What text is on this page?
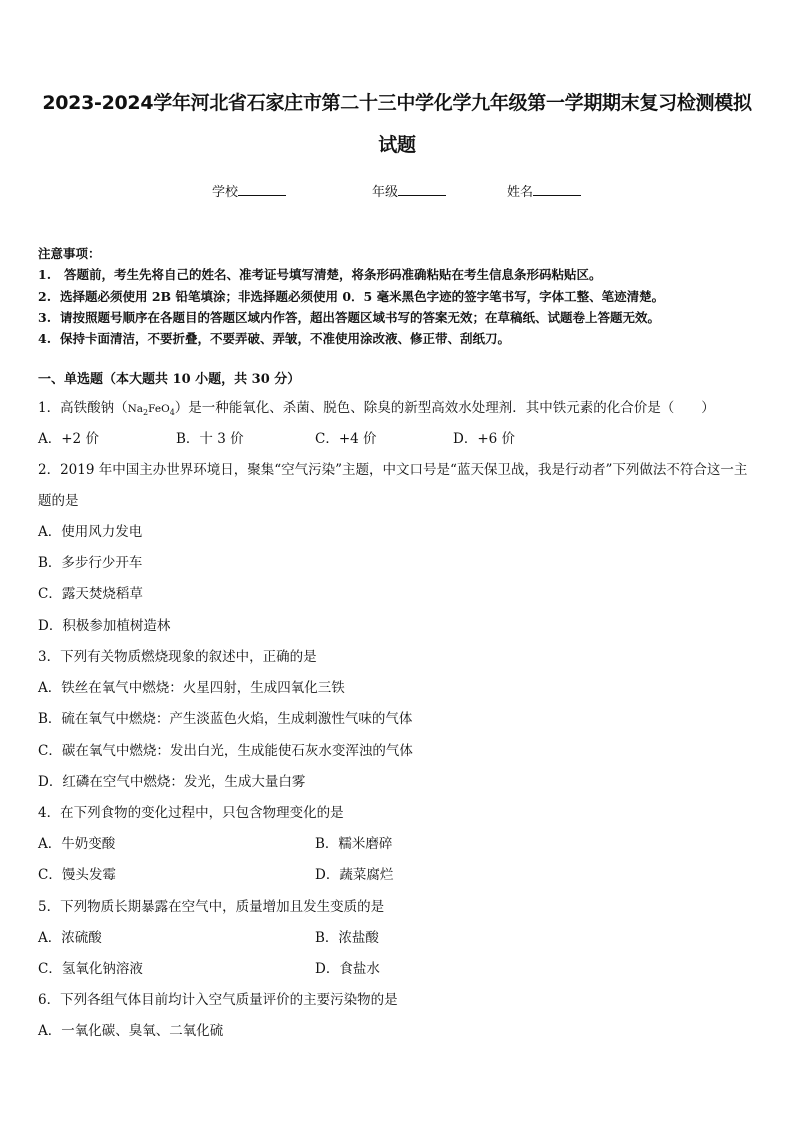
2023-2024学年河北省石家庄市第二十三中学化学九年级第一学期期末复习检测模拟
试题
学校	年级	姓名
注意事项：
1. 答题前，考生先将自己的姓名、准考证号填写清楚，将条形码准确粘贴在考生信息条形码粘贴区。
2. 选择题必须使用 2B 铅笔填涂；非选择题必须使用 0．5 毫米黑色字迹的签字笔书写，字体工整、笔迹清楚。
3. 请按照题号顺序在各题目的答题区域内作答，超出答题区域书写的答案无效；在草稿纸、试题卷上答题无效。
4. 保持卡面清洁，不要折叠，不要弄破、弄皱，不准使用涂改液、修正带、刮纸刀。
一、单选题（本大题共 10 小题，共 30 分）
1．高铁酸钠$(Na_2FeO_4)$是一种能氧化、杀菌、脱色、除臭的新型高效水处理剂．其中铁元素的化合价是（　　）
A．+2 价	B．十 3 价	C．+4 价	D．+6 价
2．2019 年中国主办世界环境日，聚集“空气污染”主题，中文口号是“蓝天保卫战，我是行动者”下列做法不符合这一主
题的是
A．使用风力发电
B．多步行少开车
C．露天焚烧稻草
D．积极参加植树造林
3．下列有关物质燃烧现象的叙述中，正确的是
A．铁丝在氧气中燃烧：火星四射，生成四氧化三铁
B．硫在氧气中燃烧：产生淡蓝色火焰，生成刺激性气味的气体
C．碳在氧气中燃烧：发出白光，生成能使石灰水变浑浊的气体
D．红磷在空气中燃烧：发光，生成大量白雾
4．在下列食物的变化过程中，只包含物理变化的是
A．牛奶变酸	B．糯米磨碎
C．馒头发霉	D．蔬菜腐烂
5．下列物质长期暴露在空气中，质量增加且发生变质的是
A．浓硫酸	B．浓盐酸
C．氢氧化钠溶液	D．食盐水
6．下列各组气体目前均计入空气质量评价的主要污染物的是
A．一氧化碳、臭氧、二氧化硫
